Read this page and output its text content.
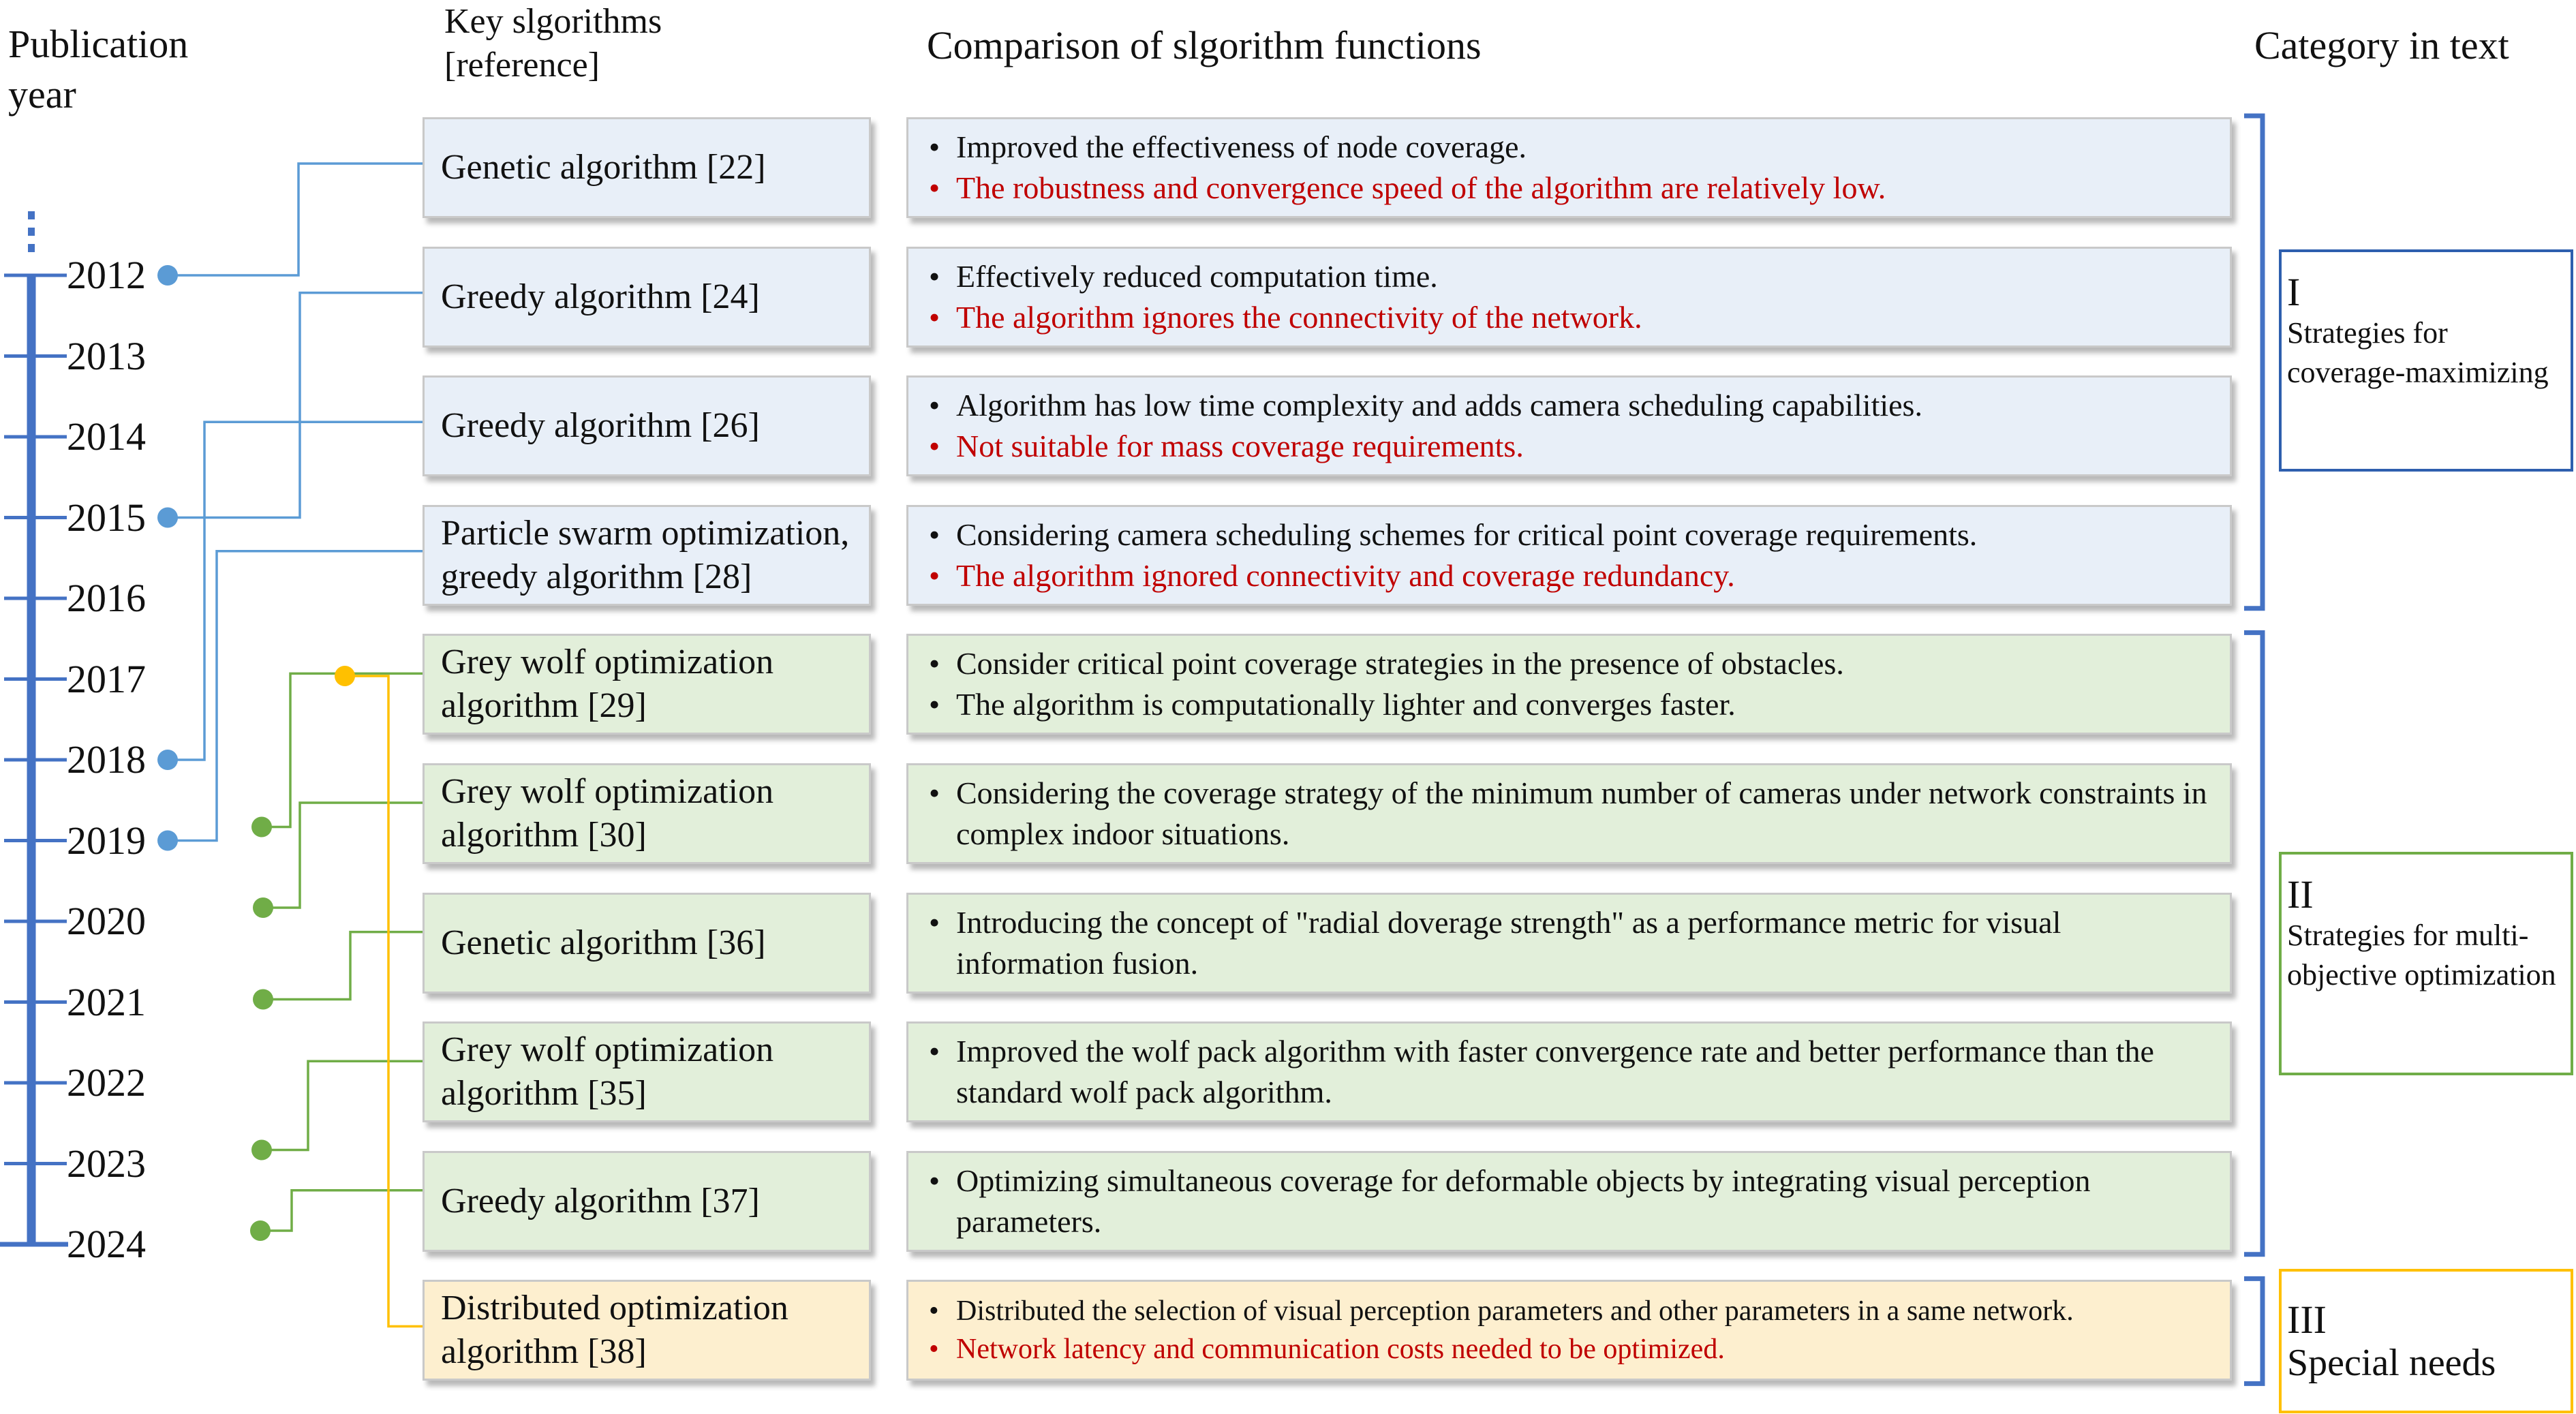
Publication year
Key slgorithms [reference]	Comparison of slgorithm functions	Category in text
2012
2013
2014
2015
2016
2017
2018
2019
2020
2021
2022
2023
2024
Genetic algorithm [22]
• Improved the effectiveness of node coverage.
• The robustness and convergence speed of the algorithm are relatively low.
Greedy algorithm [24]
• Effectively reduced computation time.
• The algorithm ignores the connectivity of the network.
Greedy algorithm [26]
• Algorithm has low time complexity and adds camera scheduling capabilities.
• Not suitable for mass coverage requirements.
Particle swarm optimization, greedy algorithm [28]
• Considering camera scheduling schemes for critical point coverage requirements.
• The algorithm ignored connectivity and coverage redundancy.
Grey wolf optimization algorithm [29]
• Consider critical point coverage strategies in the presence of obstacles.
• The algorithm is computationally lighter and converges faster.
Grey wolf optimization algorithm [30]
• Considering the coverage strategy of the minimum number of cameras under network constraints in complex indoor situations.
Genetic algorithm [36]
• Introducing the concept of "radial doverage strength" as a performance metric for visual information fusion.
Grey wolf optimization algorithm [35]
• Improved the wolf pack algorithm with faster convergence rate and better performance than the standard wolf pack algorithm.
Greedy algorithm [37]
• Optimizing simultaneous coverage for deformable objects by integrating visual perception parameters.
Distributed optimization algorithm [38]
• Distributed the selection of visual perception parameters and other parameters in a same network.
• Network latency and communication costs needed to be optimized.
I
Strategies for coverage-maximizing
II
Strategies for multi-objective optimization
III
Special needs
